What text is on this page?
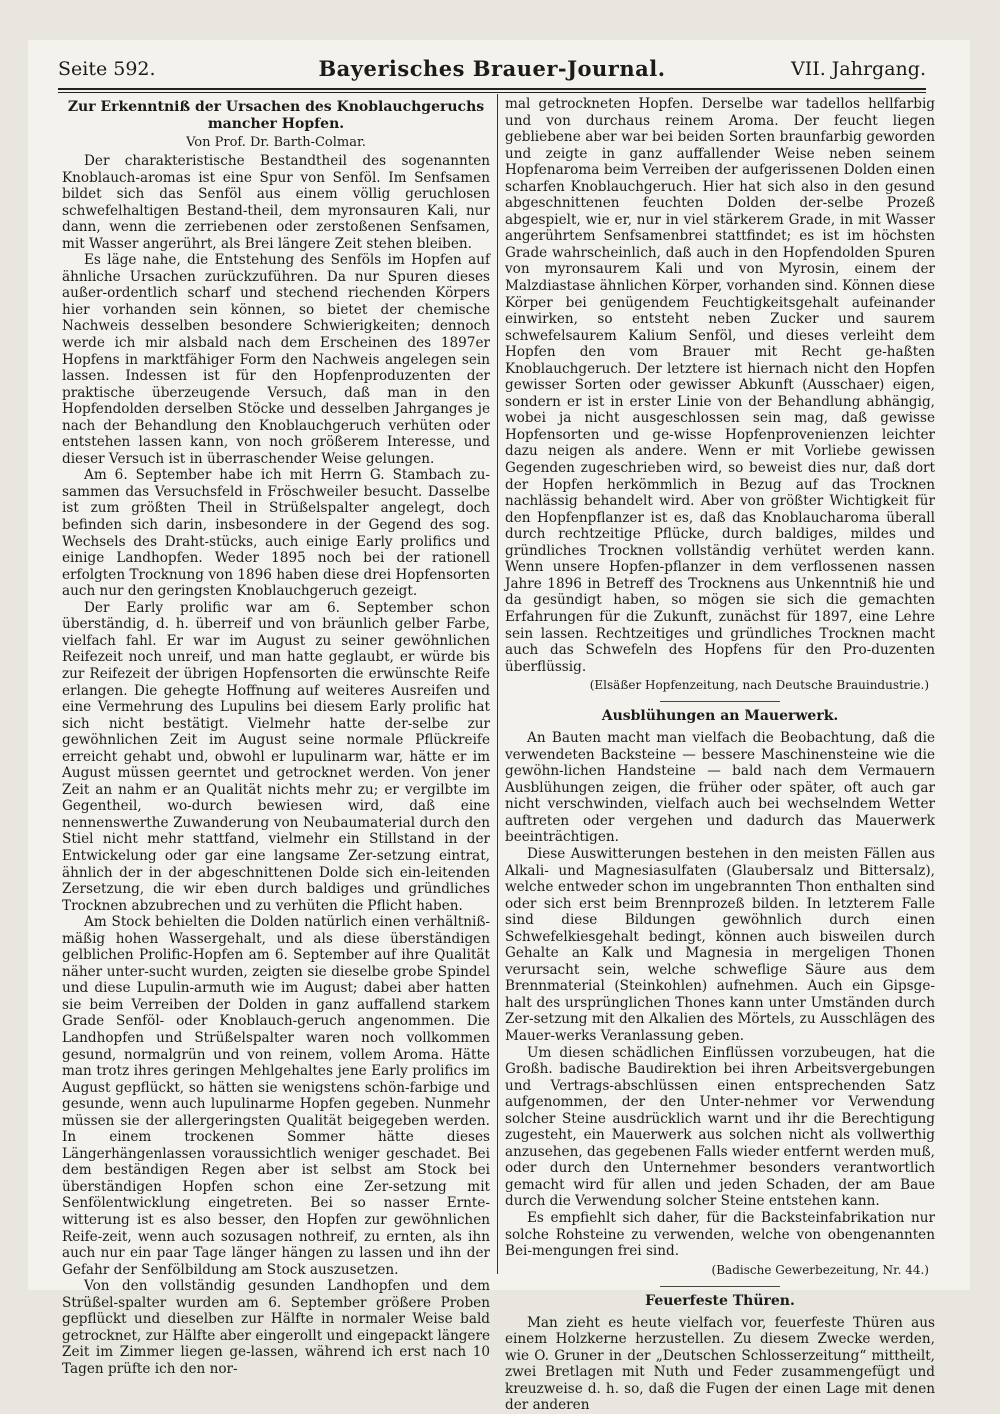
Seite 592.	Bayerisches Brauer-Journal.	VII. Jahrgang.
Zur Erkenntniß der Ursachen des Knoblauchgeruchs mancher Hopfen.
Von Prof. Dr. Barth-Colmar.

Der charakteristische Bestandtheil des sogenannten Knoblauch-aromas ist eine Spur von Senföl. Im Senfsamen bildet sich das Senföl aus einem völlig geruchlosen schwefelhaltigen Bestand-theil, dem myronsauren Kali, nur dann, wenn die zerriebenen oder zerstoßenen Senfsamen, mit Wasser angerührt, als Brei längere Zeit stehen bleiben.

Es läge nahe, die Entstehung des Senföls im Hopfen auf ähnliche Ursachen zurückzuführen. Da nur Spuren dieses außer-ordentlich scharf und stechend riechenden Körpers hier vorhanden sein können, so bietet der chemische Nachweis desselben besondere Schwierigkeiten; dennoch werde ich mir alsbald nach dem Erscheinen des 1897er Hopfens in marktfähiger Form den Nachweis angelegen sein lassen. Indessen ist für den Hopfenproduzenten der praktische überzeugende Versuch, daß man in den Hopfendolden derselben Stöcke und desselben Jahrganges je nach der Behandlung den Knoblauchgeruch verhüten oder entstehen lassen kann, von noch größerem Interesse, und dieser Versuch ist in überraschender Weise gelungen.

Am 6. September habe ich mit Herrn G. Stambach zu-sammen das Versuchsfeld in Fröschweiler besucht. Dasselbe ist zum größten Theil in Strüßelspalter angelegt, doch befinden sich darin, insbesondere in der Gegend des sog. Wechsels des Draht-stücks, auch einige Early prolifics und einige Landhopfen. Weder 1895 noch bei der rationell erfolgten Trocknung von 1896 haben diese drei Hopfensorten auch nur den geringsten Knoblauchgeruch gezeigt.

Der Early prolific war am 6. September schon überständig, d. h. überreif und von bräunlich gelber Farbe, vielfach fahl. Er war im August zu seiner gewöhnlichen Reifezeit noch unreif, und man hatte geglaubt, er würde bis zur Reifezeit der übrigen Hopfensorten die erwünschte Reife erlangen. Die gehegte Hoffnung auf weiteres Ausreifen und eine Vermehrung des Lupulins bei diesem Early prolific hat sich nicht bestätigt. Vielmehr hatte der-selbe zur gewöhnlichen Zeit im August seine normale Pflückreife erreicht gehabt und, obwohl er lupulinarm war, hätte er im August müssen geerntet und getrocknet werden. Von jener Zeit an nahm er an Qualität nichts mehr zu; er vergilbte im Gegentheil, wo-durch bewiesen wird, daß eine nennenswerthe Zuwanderung von Neubaumaterial durch den Stiel nicht mehr stattfand, vielmehr ein Stillstand in der Entwickelung oder gar eine langsame Zer-setzung eintrat, ähnlich der in der abgeschnittenen Dolde sich ein-leitenden Zersetzung, die wir eben durch baldiges und gründliches Trocknen abzubrechen und zu verhüten die Pflicht haben.

Am Stock behielten die Dolden natürlich einen verhältniß-mäßig hohen Wassergehalt, und als diese überständigen gelblichen Prolific-Hopfen am 6. September auf ihre Qualität näher unter-sucht wurden, zeigten sie dieselbe grobe Spindel und diese Lupulin-armuth wie im August; dabei aber hatten sie beim Verreiben der Dolden in ganz auffallend starkem Grade Senföl- oder Knoblauch-geruch angenommen. Die Landhopfen und Strüßelspalter waren noch vollkommen gesund, normalgrün und von reinem, vollem Aroma. Hätte man trotz ihres geringen Mehlgehaltes jene Early prolifics im August gepflückt, so hätten sie wenigstens schön-farbige und gesunde, wenn auch lupulinarme Hopfen gegeben. Nunmehr müssen sie der allergeringsten Qualität beigegeben werden. In einem trockenen Sommer hätte dieses Längerhängenlassen voraussichtlich weniger geschadet. Bei dem beständigen Regen aber ist selbst am Stock bei überständigen Hopfen schon eine Zer-setzung mit Senfölentwicklung eingetreten. Bei so nasser Ernte-witterung ist es also besser, den Hopfen zur gewöhnlichen Reife-zeit, wenn auch sozusagen nothreif, zu ernten, als ihn auch nur ein paar Tage länger hängen zu lassen und ihn der Gefahr der Senfölbildung am Stock auszusetzen.

Von den vollständig gesunden Landhopfen und dem Strüßel-spalter wurden am 6. September größere Proben gepflückt und dieselben zur Hälfte in normaler Weise bald getrocknet, zur Hälfte aber eingerollt und eingepackt längere Zeit im Zimmer liegen ge-lassen, während ich erst nach 10 Tagen prüfte ich den nor-

mal getrockneten Hopfen. Derselbe war tadellos hellfarbig und von durchaus reinem Aroma. Der feucht liegen gebliebene aber war bei beiden Sorten braunfarbig geworden und zeigte in ganz auffallender Weise neben seinem Hopfenaroma beim Verreiben der aufgerissenen Dolden einen scharfen Knoblauchgeruch. Hier hat sich also in den gesund abgeschnittenen feuchten Dolden der-selbe Prozeß abgespielt, wie er, nur in viel stärkerem Grade, in mit Wasser angerührtem Senfsamenbrei stattfindet; es ist im höchsten Grade wahrscheinlich, daß auch in den Hopfendolden Spuren von myronsaurem Kali und von Myrosin, einem der Malzdiastase ähnlichen Körper, vorhanden sind. Können diese Körper bei genügendem Feuchtigkeitsgehalt aufeinander einwirken, so entsteht neben Zucker und saurem schwefelsaurem Kalium Senföl, und dieses verleiht dem Hopfen den vom Brauer mit Recht ge-haßten Knoblauchgeruch. Der letztere ist hiernach nicht den Hopfen gewisser Sorten oder gewisser Abkunft (Ausschaer) eigen, sondern er ist in erster Linie von der Behandlung abhängig, wobei ja nicht ausgeschlossen sein mag, daß gewisse Hopfensorten und ge-wisse Hopfenprovenienzen leichter dazu neigen als andere. Wenn er mit Vorliebe gewissen Gegenden zugeschrieben wird, so beweist dies nur, daß dort der Hopfen herkömmlich in Bezug auf das Trocknen nachlässig behandelt wird. Aber von größter Wichtigkeit für den Hopfenpflanzer ist es, daß das Knoblaucharoma überall durch rechtzeitige Pflücke, durch baldiges, mildes und gründliches Trocknen vollständig verhütet werden kann. Wenn unsere Hopfen-pflanzer in dem verflossenen nassen Jahre 1896 in Betreff des Trocknens aus Unkenntniß hie und da gesündigt haben, so mögen sie sich die gemachten Erfahrungen für die Zukunft, zunächst für 1897, eine Lehre sein lassen. Rechtzeitiges und gründliches Trocknen macht auch das Schwefeln des Hopfens für den Pro-duzenten überflüssig.

(Elsäßer Hopfenzeitung, nach Deutsche Brauindustrie.)
Ausblühungen an Mauerwerk.

An Bauten macht man vielfach die Beobachtung, daß die verwendeten Backsteine — bessere Maschinensteine wie die gewöhn-lichen Handsteine — bald nach dem Vermauern Ausblühungen zeigen, die früher oder später, oft auch gar nicht verschwinden, vielfach auch bei wechselndem Wetter auftreten oder vergehen und dadurch das Mauerwerk beeinträchtigen.

Diese Auswitterungen bestehen in den meisten Fällen aus Alkali- und Magnesiasulfaten (Glaubersalz und Bittersalz), welche entweder schon im ungebrannten Thon enthalten sind oder sich erst beim Brennprozeß bilden. In letzterem Falle sind diese Bildungen gewöhnlich durch einen Schwefelkiesgehalt bedingt, können auch bisweilen durch Gehalte an Kalk und Magnesia in mergeligen Thonen verursacht sein, welche schweflige Säure aus dem Brennmaterial (Steinkohlen) aufnehmen. Auch ein Gipsge-halt des ursprünglichen Thones kann unter Umständen durch Zer-setzung mit den Alkalien des Mörtels, zu Ausschlägen des Mauer-werks Veranlassung geben.

Um diesen schädlichen Einflüssen vorzubeugen, hat die Großh. badische Baudirektion bei ihren Arbeitsvergebungen und Vertrags-abschlüssen einen entsprechenden Satz aufgenommen, der den Unter-nehmer vor Verwendung solcher Steine ausdrücklich warnt und ihr die Berechtigung zugesteht, ein Mauerwerk aus solchen nicht als vollwerthig anzusehen, das gegebenen Falls wieder entfernt werden muß, oder durch den Unternehmer besonders verantwortlich gemacht wird für allen und jeden Schaden, der am Baue durch die Verwendung solcher Steine entstehen kann.

Es empfiehlt sich daher, für die Backsteinfabrikation nur solche Rohsteine zu verwenden, welche von obengenannten Bei-mengungen frei sind.

(Badische Gewerbezeitung, Nr. 44.)
Feuerfeste Thüren.

Man zieht es heute vielfach vor, feuerfeste Thüren aus einem Holzkerne herzustellen. Zu diesem Zwecke werden, wie O. Gruner in der „Deutschen Schlosserzeitung“ mittheilt, zwei Bretlagen mit Nuth und Feder zusammengefügt und kreuzweise d. h. so, daß die Fugen der einen Lage mit denen der anderen
